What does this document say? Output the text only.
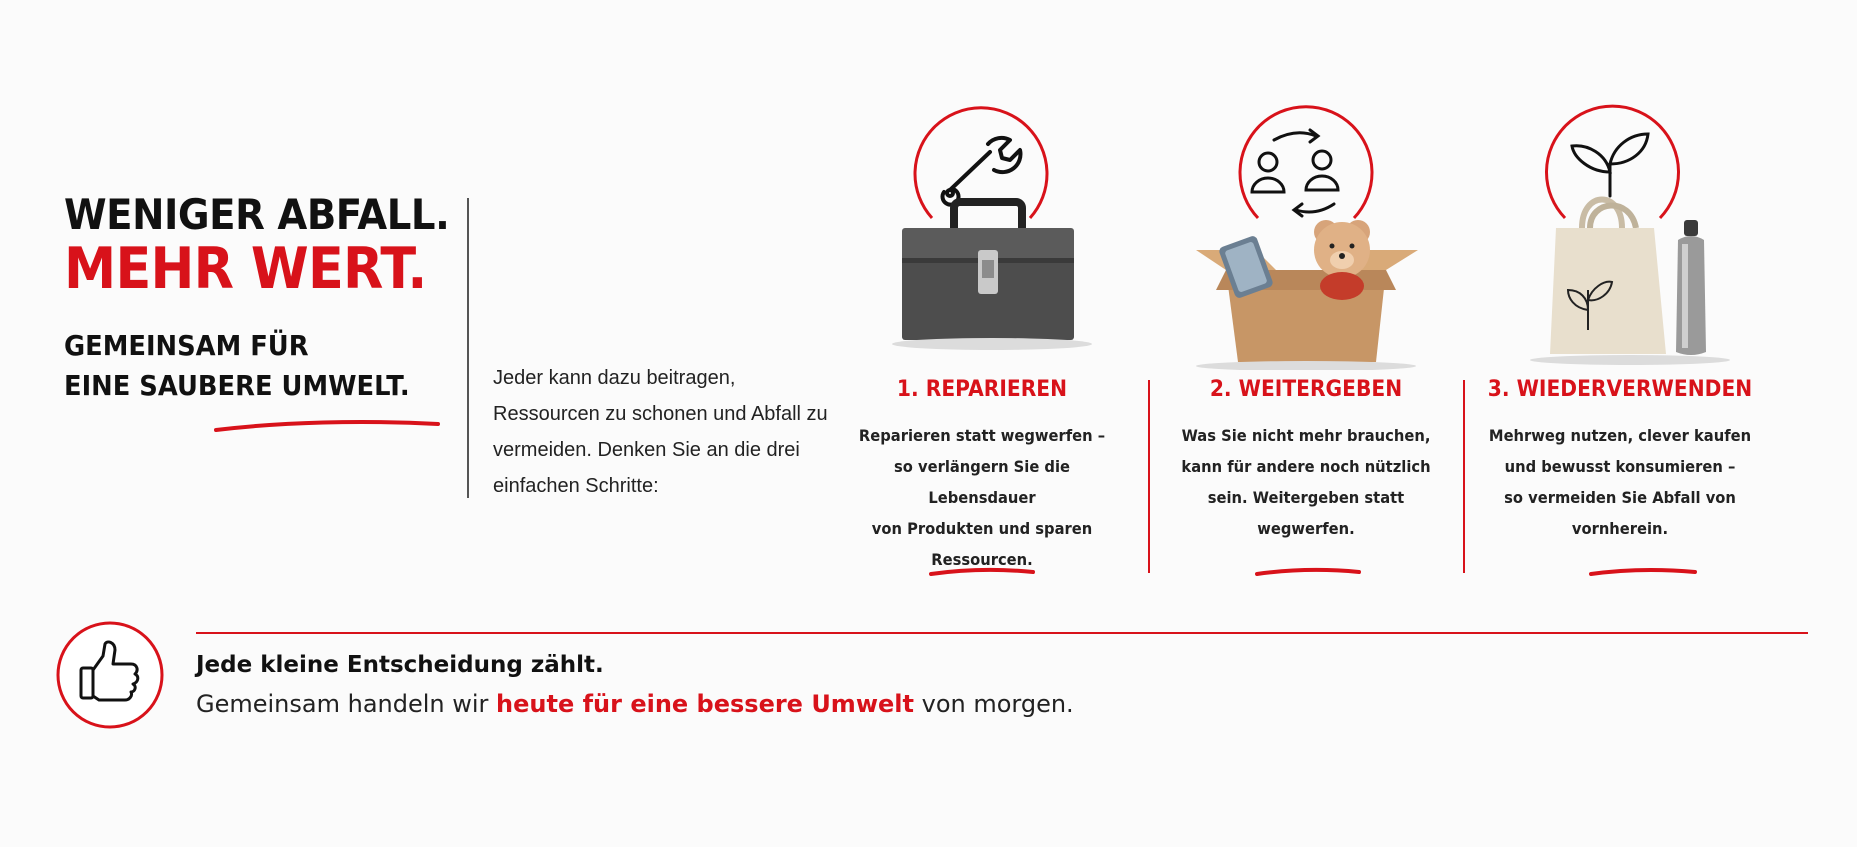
WENIGER ABFALL.
MEHR WERT.
GEMEINSAM FÜR
EINE SAUBERE UMWELT.	Jeder kann dazu beitragen, Ressourcen zu schonen und Abfall zu vermeiden. Denken Sie an die drei einfachen Schritte:
1. REPARIEREN
Reparieren statt wegwerfen –
so verlängern Sie die Lebensdauer
von Produkten und sparen
Ressourcen.
2. WEITERGEBEN
Was Sie nicht mehr brauchen,
kann für andere noch nützlich
sein. Weitergeben statt
wegwerfen.
3. WIEDERVERWENDEN
Mehrweg nutzen, clever kaufen
und bewusst konsumieren –
so vermeiden Sie Abfall von
vornherein.
Jede kleine Entscheidung zählt.
Gemeinsam handeln wir heute für eine bessere Umwelt von morgen.
